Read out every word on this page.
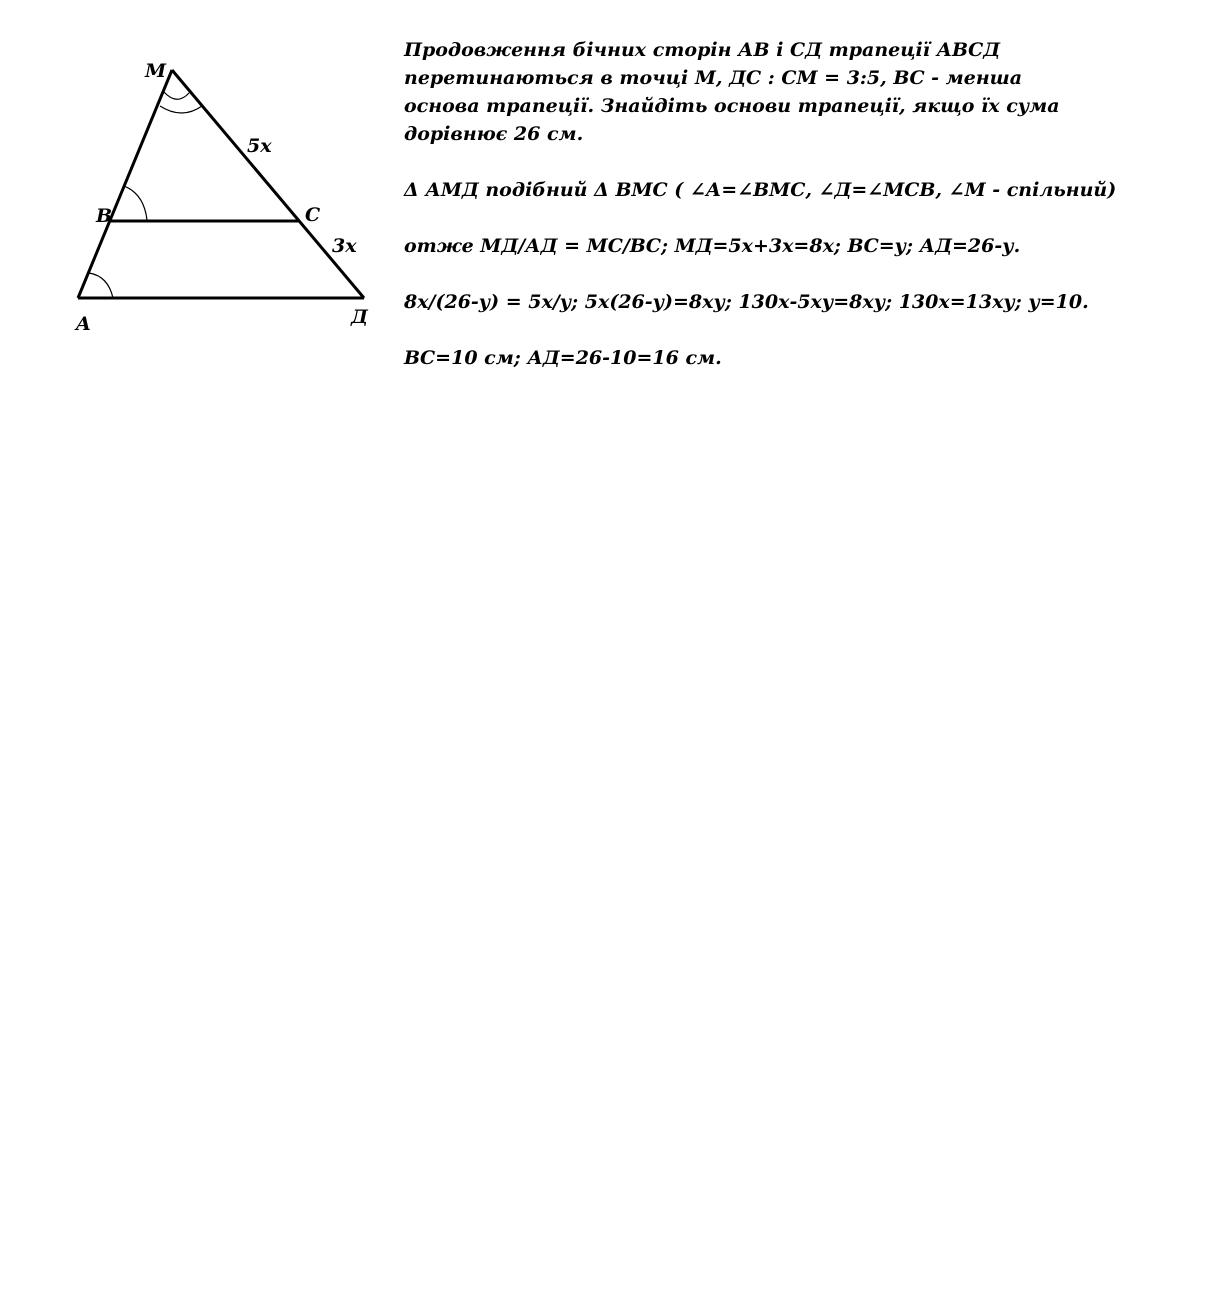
M
B	C
A	Д
5x
3x
Продовження бічних сторін АВ і СД трапеції АВСД
перетинаються в точці М, ДС : СМ = 3:5, ВС - менша
основа трапеції. Знайдіть основи трапеції, якщо їх сума
дорівнює 26 см.
Δ АМД подібний Δ ВМС ( ∠А=∠ВМС, ∠Д=∠МСВ, ∠М - спільний)
отже МД/АД = МС/ВС; МД=5х+3х=8х; ВС=у; АД=26-у.
8х/(26-у) = 5х/у; 5х(26-у)=8ху; 130х-5ху=8ху; 130х=13ху; у=10.
ВС=10 см; АД=26-10=16 см.
